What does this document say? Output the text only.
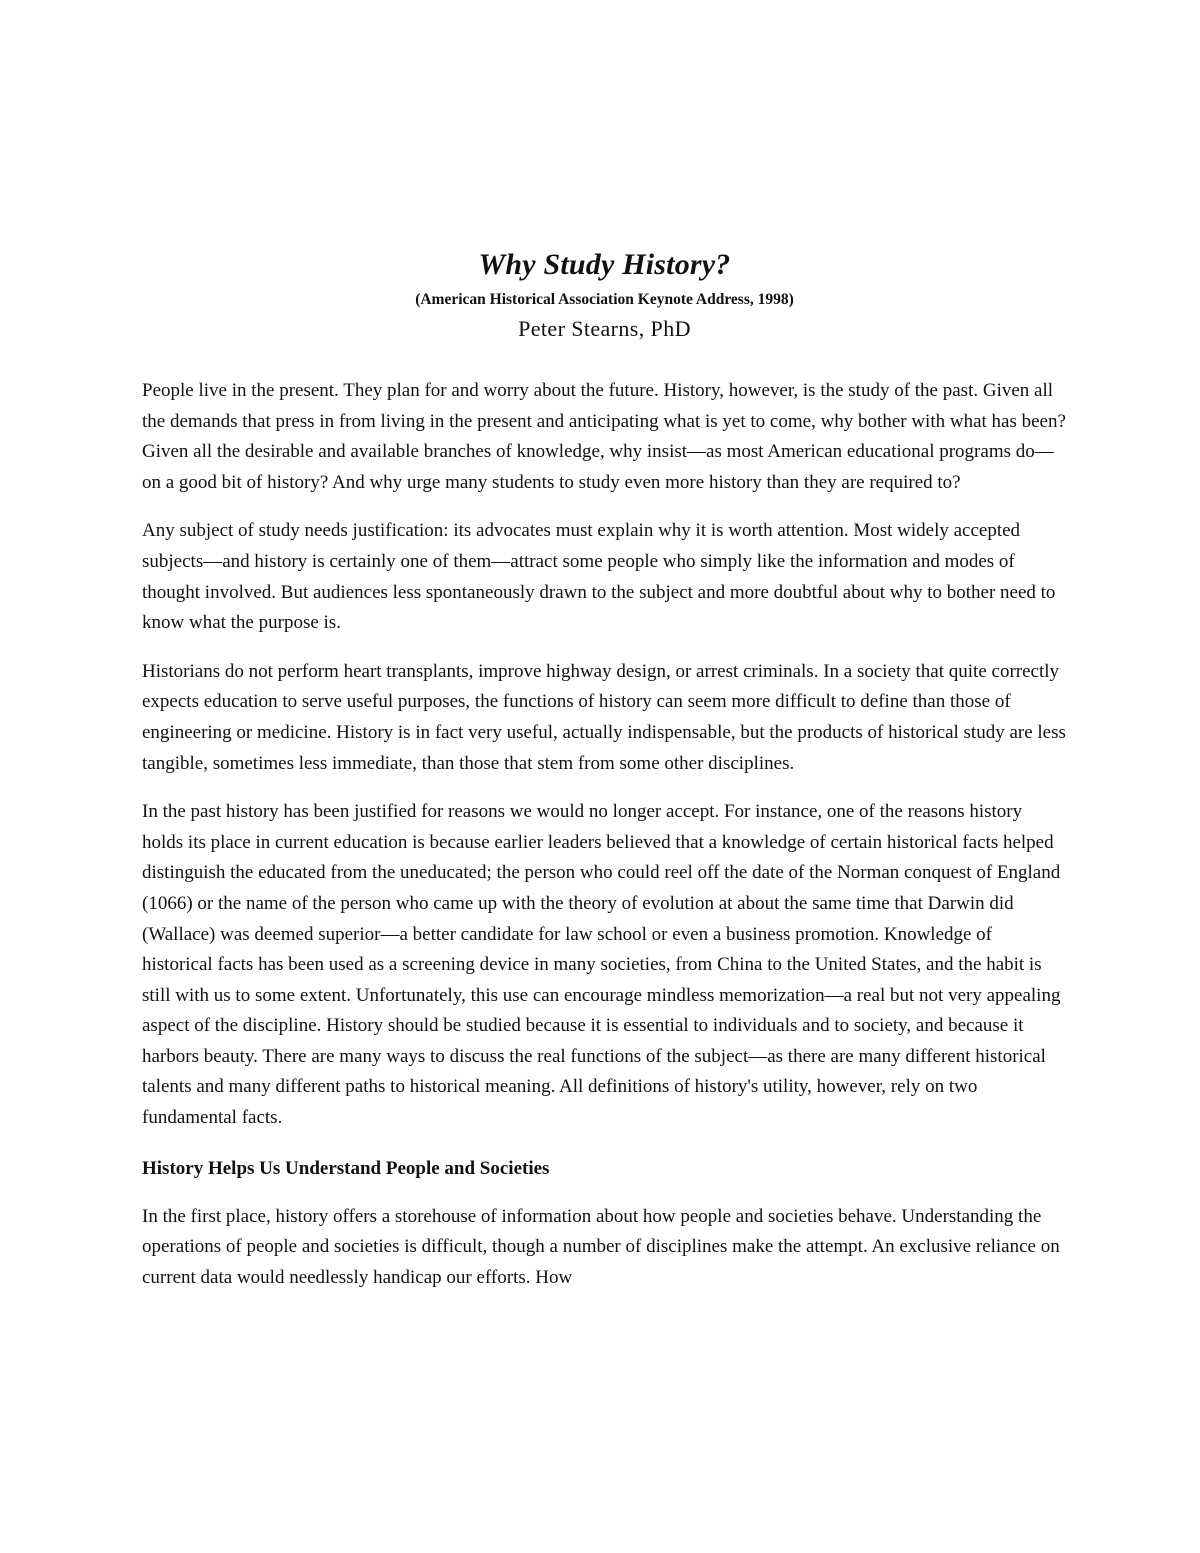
Why Study History?

(American Historical Association Keynote Address, 1998)

Peter Stearns, PhD

People live in the present. They plan for and worry about the future. History, however, is the study of the past. Given all the demands that press in from living in the present and anticipating what is yet to come, why bother with what has been? Given all the desirable and available branches of knowledge, why insist—as most American educational programs do—on a good bit of history? And why urge many students to study even more history than they are required to?

Any subject of study needs justification: its advocates must explain why it is worth attention. Most widely accepted subjects—and history is certainly one of them—attract some people who simply like the information and modes of thought involved. But audiences less spontaneously drawn to the subject and more doubtful about why to bother need to know what the purpose is.

Historians do not perform heart transplants, improve highway design, or arrest criminals. In a society that quite correctly expects education to serve useful purposes, the functions of history can seem more difficult to define than those of engineering or medicine. History is in fact very useful, actually indispensable, but the products of historical study are less tangible, sometimes less immediate, than those that stem from some other disciplines.

In the past history has been justified for reasons we would no longer accept. For instance, one of the reasons history holds its place in current education is because earlier leaders believed that a knowledge of certain historical facts helped distinguish the educated from the uneducated; the person who could reel off the date of the Norman conquest of England (1066) or the name of the person who came up with the theory of evolution at about the same time that Darwin did (Wallace) was deemed superior—a better candidate for law school or even a business promotion. Knowledge of historical facts has been used as a screening device in many societies, from China to the United States, and the habit is still with us to some extent. Unfortunately, this use can encourage mindless memorization—a real but not very appealing aspect of the discipline. History should be studied because it is essential to individuals and to society, and because it harbors beauty. There are many ways to discuss the real functions of the subject—as there are many different historical talents and many different paths to historical meaning. All definitions of history's utility, however, rely on two fundamental facts.

History Helps Us Understand People and Societies

In the first place, history offers a storehouse of information about how people and societies behave. Understanding the operations of people and societies is difficult, though a number of disciplines make the attempt. An exclusive reliance on current data would needlessly handicap our efforts. How
